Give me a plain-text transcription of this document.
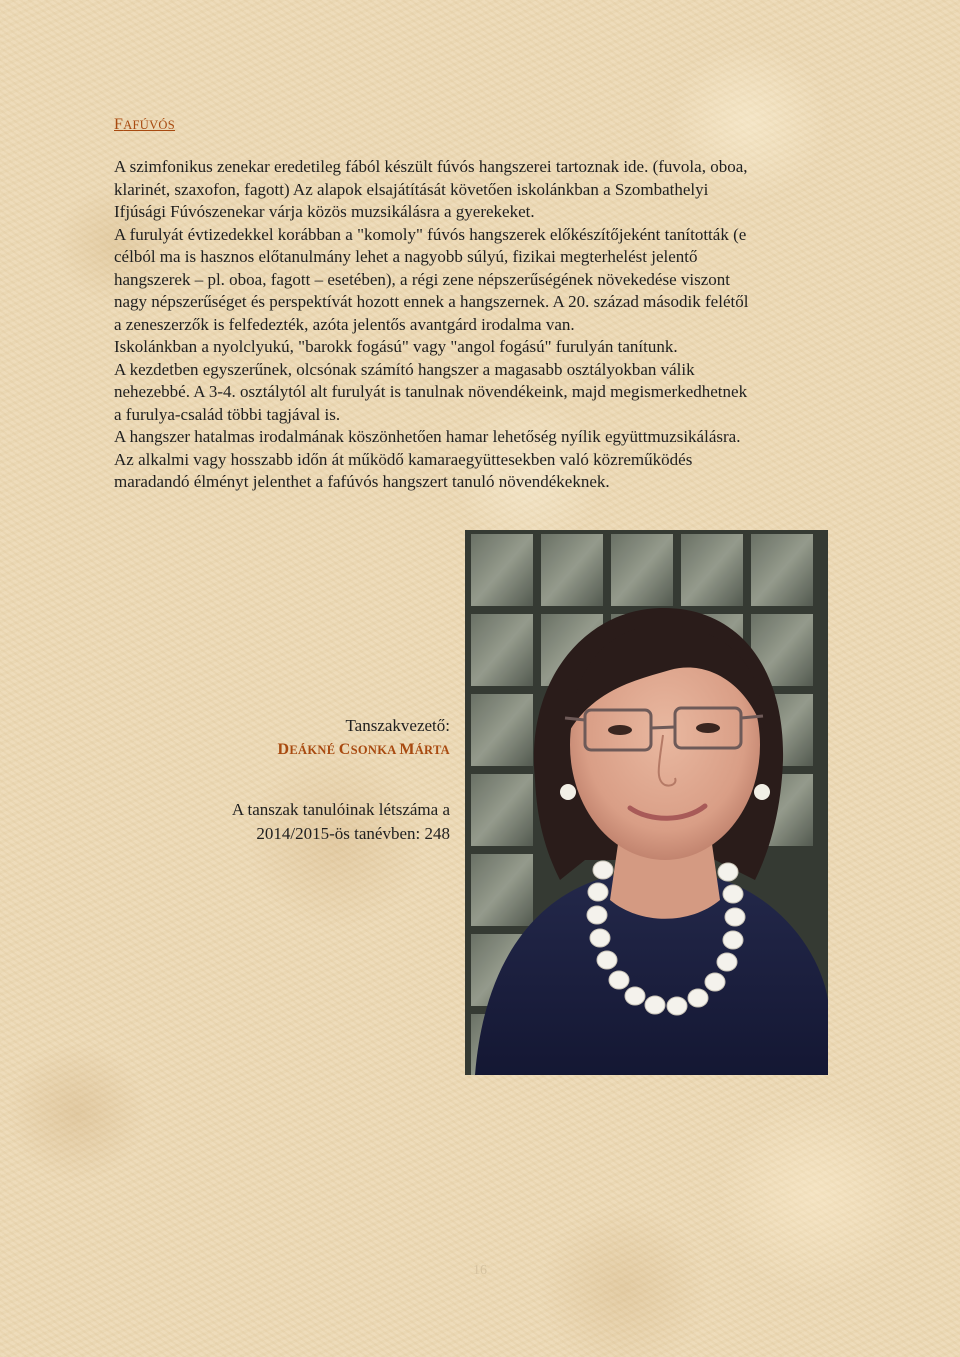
FAFÚVÓS

A szimfonikus zenekar eredetileg fából készült fúvós hangszerei tartoznak ide. (fuvola, oboa,

klarinét, szaxofon, fagott) Az alapok elsajátítását követően iskolánkban a Szombathelyi

Ifjúsági Fúvószenekar várja közös muzsikálásra a gyerekeket.

A furulyát évtizedekkel korábban a "komoly" fúvós hangszerek előkészítőjeként tanították (e

célból ma is hasznos előtanulmány lehet a nagyobb súlyú, fizikai megterhelést jelentő

hangszerek – pl. oboa, fagott – esetében), a régi zene népszerűségének növekedése viszont

nagy népszerűséget és perspektívát hozott ennek a hangszernek. A 20. század második felétől

a zeneszerzők is felfedezték, azóta jelentős avantgárd irodalma van.

Iskolánkban a nyolclyukú, "barokk fogású" vagy "angol fogású" furulyán tanítunk.

A kezdetben egyszerűnek, olcsónak számító hangszer a magasabb osztályokban válik

nehezebbé. A 3-4. osztálytól alt furulyát is tanulnak növendékeink, majd megismerkedhetnek

a furulya-család többi tagjával is.

A hangszer hatalmas irodalmának köszönhetően hamar lehetőség nyílik együttmuzsikálásra.

Az alkalmi vagy hosszabb időn át működő kamaraegyüttesekben való közreműködés

maradandó élményt jelenthet a fafúvós hangszert tanuló növendékeknek.

Tanszakvezető:
DEÁKNÉ CSONKA MÁRTA
A tanszak tanulóinak létszáma a
2014/2015-ös tanévben: 248
16
